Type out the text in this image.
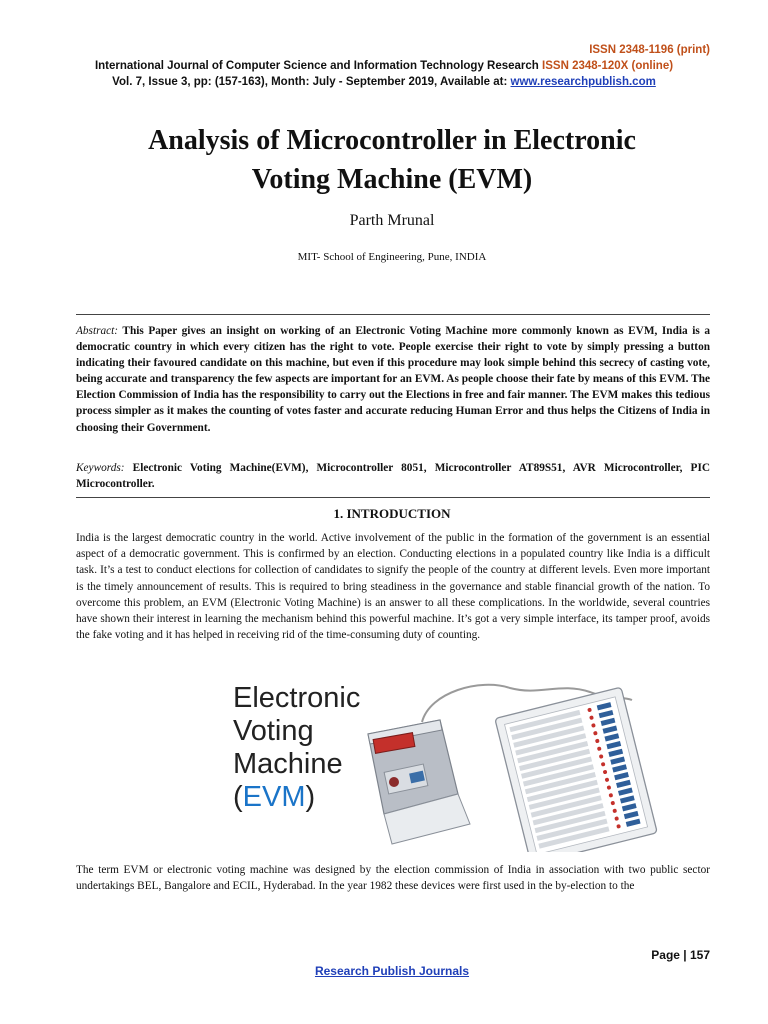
ISSN 2348-1196 (print)
International Journal of Computer Science and Information Technology Research ISSN 2348-120X (online)
Vol. 7, Issue 3, pp: (157-163), Month: July - September 2019, Available at: www.researchpublish.com
Analysis of Microcontroller in Electronic
Voting Machine (EVM)
Parth Mrunal
MIT- School of Engineering, Pune, INDIA
Abstract: This Paper gives an insight on working of an Electronic Voting Machine more commonly known as EVM, India is a democratic country in which every citizen has the right to vote. People exercise their right to vote by simply pressing a button indicating their favoured candidate on this machine, but even if this procedure may look simple behind this secrecy of casting vote, being accurate and transparency the few aspects are important for an EVM. As people choose their fate by means of this EVM. The Election Commission of India has the responsibility to carry out the Elections in free and fair manner. The EVM makes this tedious process simpler as it makes the counting of votes faster and accurate reducing Human Error and thus helps the Citizens of India in choosing their Government.
Keywords: Electronic Voting Machine(EVM), Microcontroller 8051, Microcontroller AT89S51, AVR Microcontroller, PIC Microcontroller.
1. INTRODUCTION
India is the largest democratic country in the world. Active involvement of the public in the formation of the government is an essential aspect of a democratic government. This is confirmed by an election. Conducting elections in a populated country like India is a difficult task. It’s a test to conduct elections for collection of candidates to signify the people of the country at different levels. Even more important is the timely announcement of results. This is required to bring steadiness in the governance and stable financial growth of the nation. To overcome this problem, an EVM (Electronic Voting Machine) is an answer to all these complications. In the worldwide, several countries have shown their interest in learning the mechanism behind this powerful machine. It’s got a very simple interface, its tamper proof, avoids the fake voting and it has helped in receiving rid of the time-consuming duty of counting.
Electronic
Voting
Machine
(EVM)
The term EVM or electronic voting machine was designed by the election commission of India in association with two public sector undertakings BEL, Bangalore and ECIL, Hyderabad. In the year 1982 these devices were first used in the by-election to the
Page | 157
Research Publish Journals
